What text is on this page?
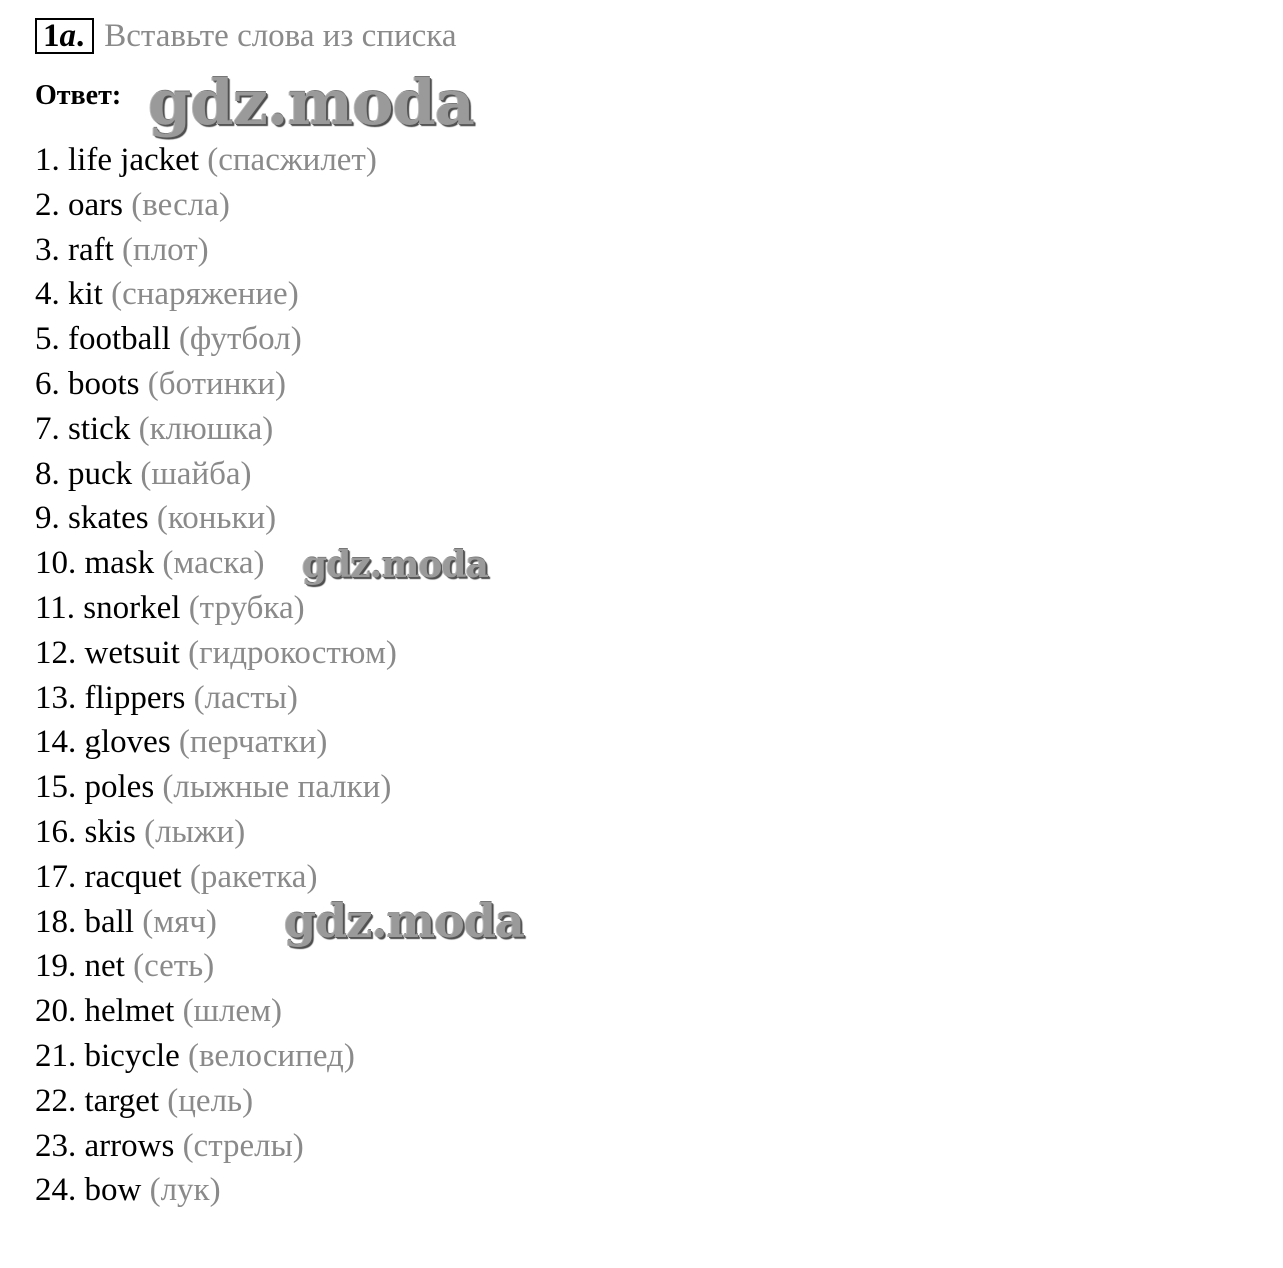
1 a . Вставьте слова из списка
Ответ:
1. life jacket (спасжилет)
2. oars (весла)
3. raft (плот)
4. kit (снаряжение)
5. football (футбол)
6. boots (ботинки)
7. stick (клюшка)
8. puck (шайба)
9. skates (коньки)
10. mask (маска)
11. snorkel (трубка)
12. wetsuit (гидрокостюм)
13. flippers (ласты)
14. gloves (перчатки)
15. poles (лыжные палки)
16. skis (лыжи)
17. racquet (ракетка)
18. ball (мяч)
19. net (сеть)
20. helmet (шлем)
21. bicycle (велосипед)
22. target (цель)
23. arrows (стрелы)
24. bow (лук)
gdz.moda
gdz.moda
gdz.moda
